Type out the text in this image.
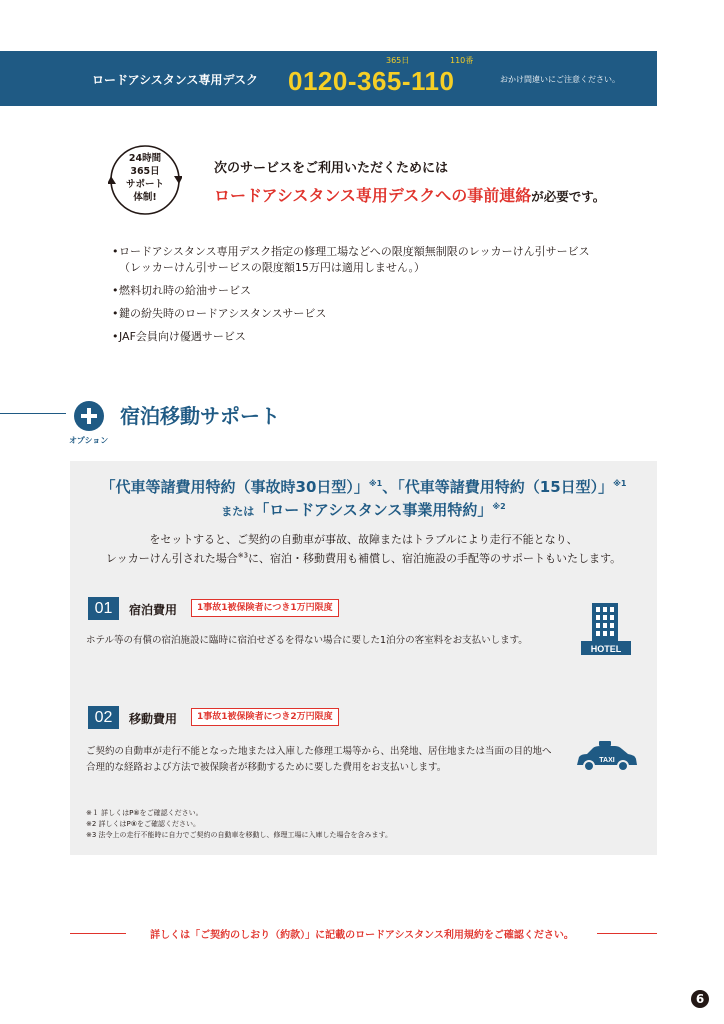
ロードアシスタンス専用デスク
365日	110番
0120-365-110	おかけ間違いにご注意ください。
24時間
365日
サポート
体制!
次のサービスをご利用いただくためには
ロードアシスタンス専用デスクへの事前連絡が必要です。
• ロードアシスタンス専用デスク指定の修理工場などへの限度額無制限のレッカーけん引サービス
（レッカーけん引サービスの限度額15万円は適用しません。）
• 燃料切れ時の給油サービス
• 鍵の紛失時のロードアシスタンスサービス
• JAF会員向け優遇サービス
オプション
宿泊移動サポート
「代車等諸費用特約（事故時30日型）」$^{※1}$、「代車等諸費用特約（15日型）」$^{※1}$
または「ロードアシスタンス事業用特約」$^{※2}$
をセットすると、ご契約の自動車が事故、故障またはトラブルにより走行不能となり、
レッカーけん引された場合$^{※3}$に、宿泊・移動費用も補償し、宿泊施設の手配等のサポートもいたします。
01	宿泊費用	1事故1被保険者につき1万円限度
ホテル等の有償の宿泊施設に臨時に宿泊せざるを得ない場合に要した1泊分の客室料をお支払いします。
HOTEL
02	移動費用	1事故1被保険者につき2万円限度
ご契約の自動車が走行不能となった地または入庫した修理工場等から、出発地、居住地または当面の目的地へ合理的な経路および方法で被保険者が移動するために要した費用をお支払いします。
TAXI
※１ 詳しくはP⑧をご確認ください。
※2 詳しくはP⑧をご確認ください。
※3 法令上の走行不能時に自力でご契約の自動車を移動し、修理工場に入庫した場合を含みます。
詳しくは「ご契約のしおり（約款）」に記載のロードアシスタンス利用規約をご確認ください。
6
